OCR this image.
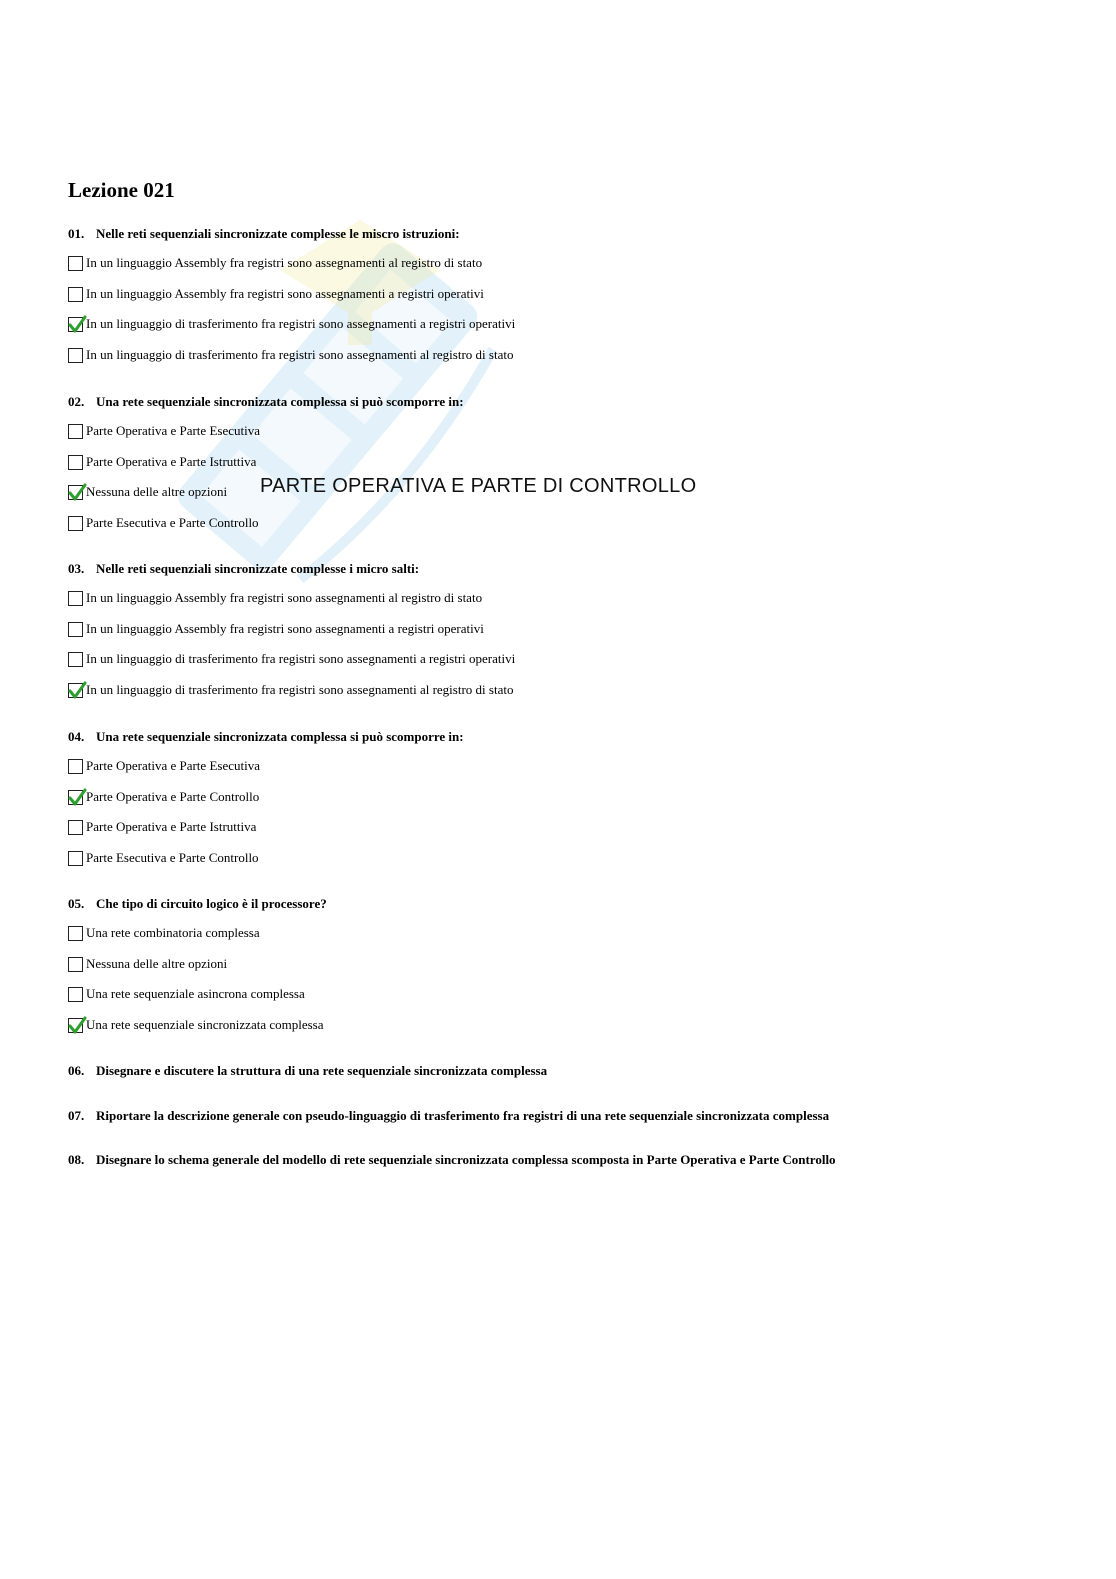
Lezione 021
01. Nelle reti sequenziali sincronizzate complesse le miscro istruzioni:
In un linguaggio Assembly fra registri sono assegnamenti al registro di stato
In un linguaggio Assembly fra registri sono assegnamenti a registri operativi
In un linguaggio di trasferimento fra registri sono assegnamenti a registri operativi
In un linguaggio di trasferimento fra registri sono assegnamenti al registro di stato
02. Una rete sequenziale sincronizzata complessa si può scomporre in:
Parte Operativa e Parte Esecutiva
Parte Operativa e Parte Istruttiva
Nessuna delle altre opzioni
Parte Esecutiva e Parte Controllo
03. Nelle reti sequenziali sincronizzate complesse i micro salti:
In un linguaggio Assembly fra registri sono assegnamenti al registro di stato
In un linguaggio Assembly fra registri sono assegnamenti a registri operativi
In un linguaggio di trasferimento fra registri sono assegnamenti a registri operativi
In un linguaggio di trasferimento fra registri sono assegnamenti al registro di stato
04. Una rete sequenziale sincronizzata complessa si può scomporre in:
Parte Operativa e Parte Esecutiva
Parte Operativa e Parte Controllo
Parte Operativa e Parte Istruttiva
Parte Esecutiva e Parte Controllo
05. Che tipo di circuito logico è il processore?
Una rete combinatoria complessa
Nessuna delle altre opzioni
Una rete sequenziale asincrona complessa
Una rete sequenziale sincronizzata complessa
06. Disegnare e discutere la struttura di una rete sequenziale sincronizzata complessa
07. Riportare la descrizione generale con pseudo-linguaggio di trasferimento fra registri di una rete sequenziale sincronizzata complessa
08. Disegnare lo schema generale del modello di rete sequenziale sincronizzata complessa scomposta in Parte Operativa e Parte Controllo
PARTE OPERATIVA E PARTE DI CONTROLLO
